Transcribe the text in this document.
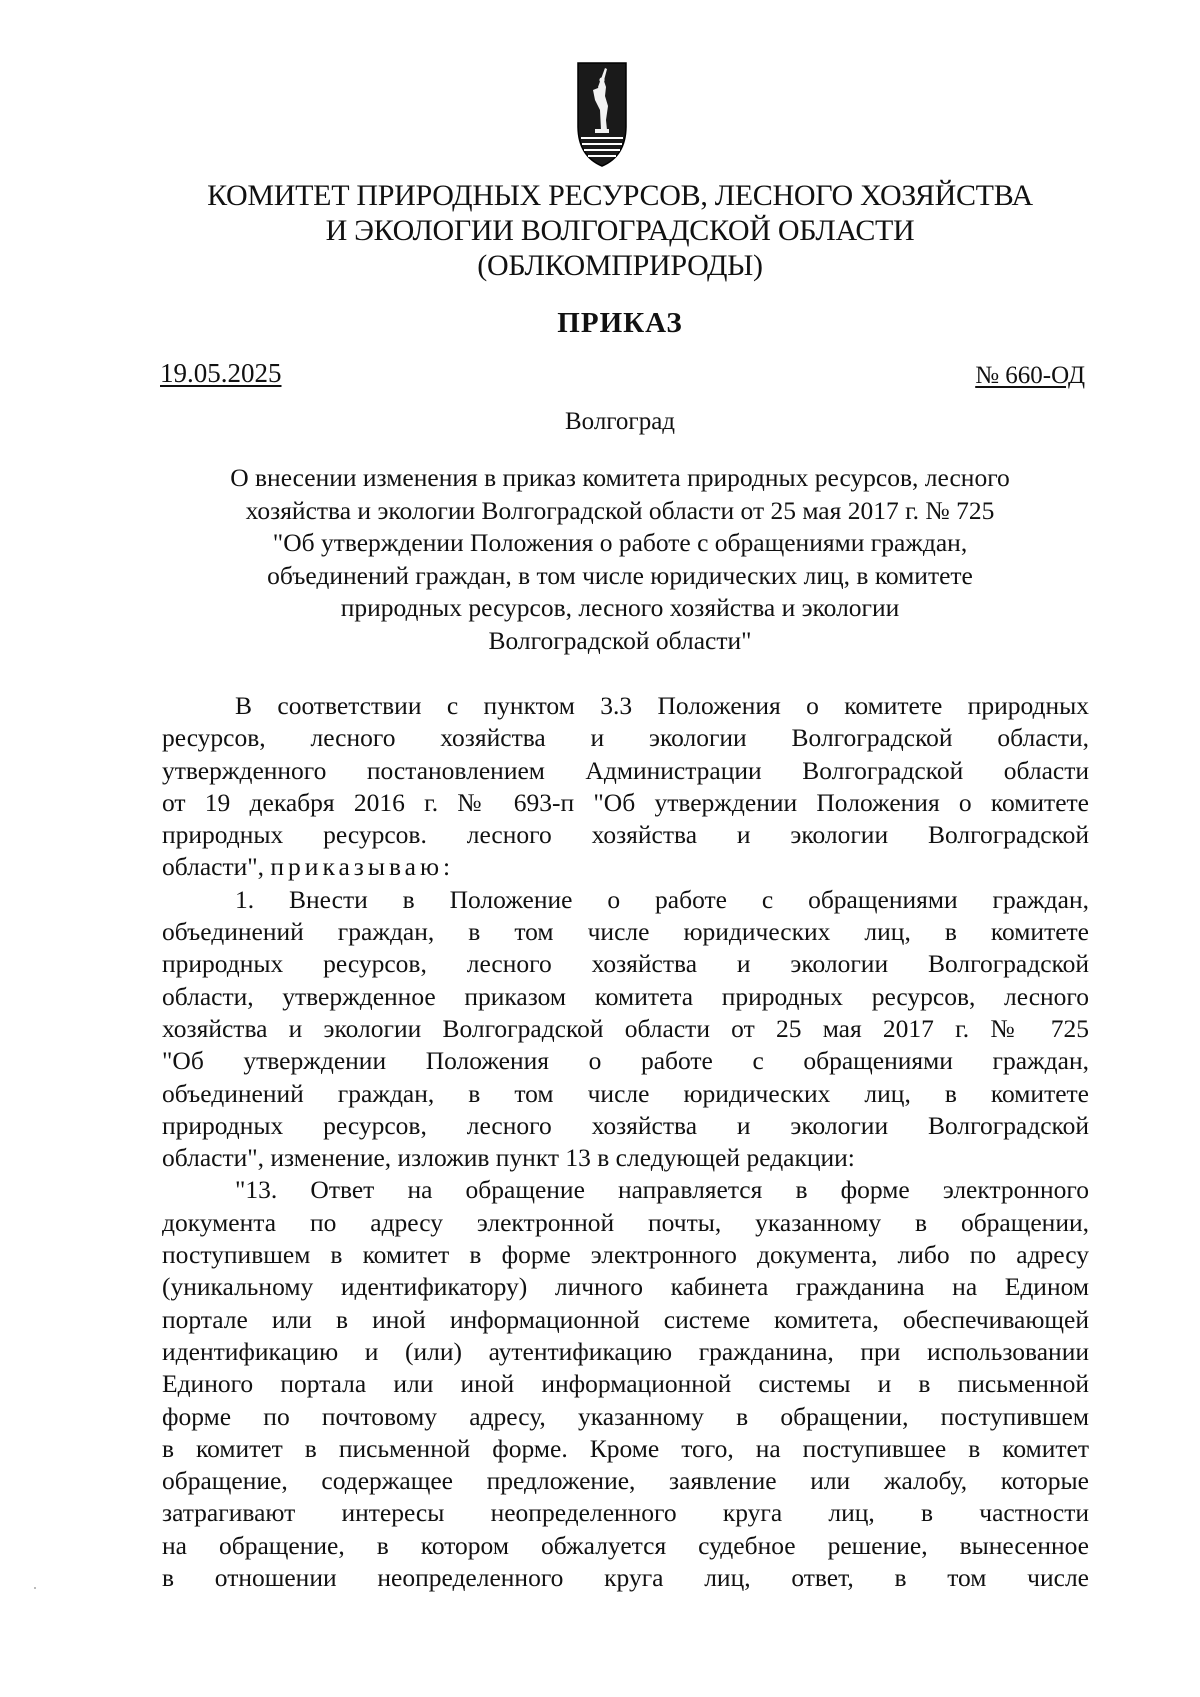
КОМИТЕТ ПРИРОДНЫХ РЕСУРСОВ, ЛЕСНОГО ХОЗЯЙСТВА
И ЭКОЛОГИИ ВОЛГОГРАДСКОЙ ОБЛАСТИ
(ОБЛКОМПРИРОДЫ)
ПРИКАЗ
19.05.2025	№ 660-ОД
Волгоград
О внесении изменения в приказ комитета природных ресурсов, лесного
хозяйства и экологии Волгоградской области от 25 мая 2017 г. № 725
"Об утверждении Положения о работе с обращениями граждан,
объединений граждан, в том числе юридических лиц, в комитете
природных ресурсов, лесного хозяйства и экологии
Волгоградской области"
В соответствии с пунктом 3.3 Положения о комитете природных
ресурсов, лесного хозяйства и экологии Волгоградской области,
утвержденного постановлением Администрации Волгоградской области
от 19 декабря 2016 г. № 693-п "Об утверждении Положения о комитете
природных ресурсов. лесного хозяйства и экологии Волгоградской
области", приказываю:
1. Внести в Положение о работе с обращениями граждан,
объединений граждан, в том числе юридических лиц, в комитете
природных ресурсов, лесного хозяйства и экологии Волгоградской
области, утвержденное приказом комитета природных ресурсов, лесного
хозяйства и экологии Волгоградской области от 25 мая 2017 г. № 725
"Об утверждении Положения о работе с обращениями граждан,
объединений граждан, в том числе юридических лиц, в комитете
природных ресурсов, лесного хозяйства и экологии Волгоградской
области", изменение, изложив пункт 13 в следующей редакции:
"13. Ответ на обращение направляется в форме электронного
документа по адресу электронной почты, указанному в обращении,
поступившем в комитет в форме электронного документа, либо по адресу
(уникальному идентификатору) личного кабинета гражданина на Едином
портале или в иной информационной системе комитета, обеспечивающей
идентификацию и (или) аутентификацию гражданина, при использовании
Единого портала или иной информационной системы и в письменной
форме по почтовому адресу, указанному в обращении, поступившем
в комитет в письменной форме. Кроме того, на поступившее в комитет
обращение, содержащее предложение, заявление или жалобу, которые
затрагивают интересы неопределенного круга лиц, в частности
на обращение, в котором обжалуется судебное решение, вынесенное
в отношении неопределенного круга лиц, ответ, в том числе
